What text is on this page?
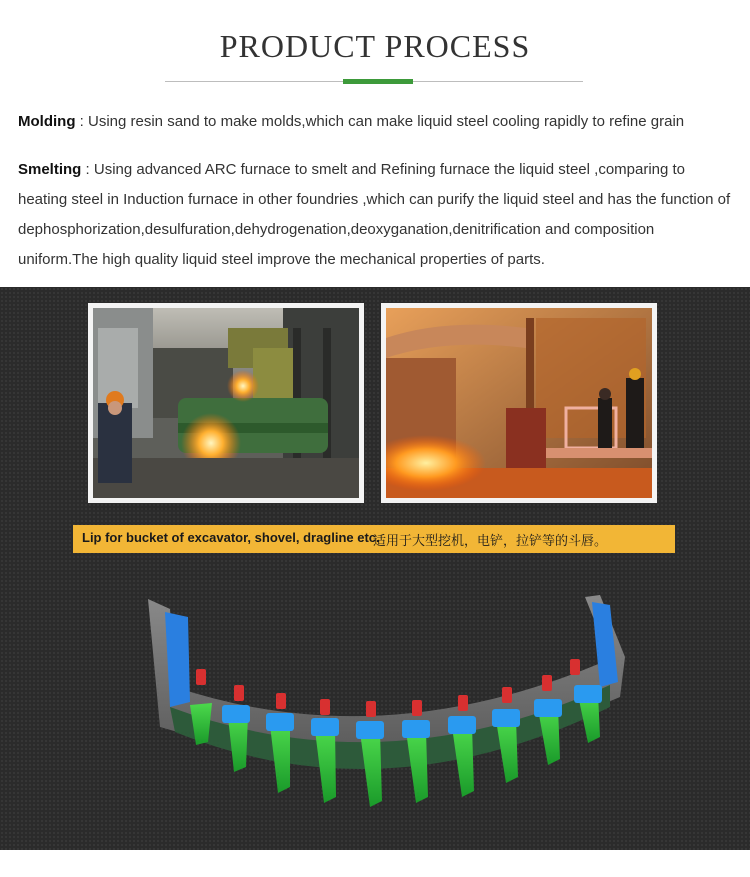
PRODUCT PROCESS
Molding : Using resin sand to make molds,which can make liquid steel cooling rapidly to refine grain
Smelting : Using advanced ARC furnace to smelt and Refining furnace the liquid steel ,comparing to heating steel in Induction furnace in other foundries ,which can purify the liquid steel and has the function of dephosphorization,desulfuration,dehydrogenation,deoxyganation,denitrification and composition uniform.The high quality liquid steel improve the mechanical properties of parts.
Lip for bucket of excavator, shovel, dragline etc.
适用于大型挖机，电铲，拉铲等的斗唇。
